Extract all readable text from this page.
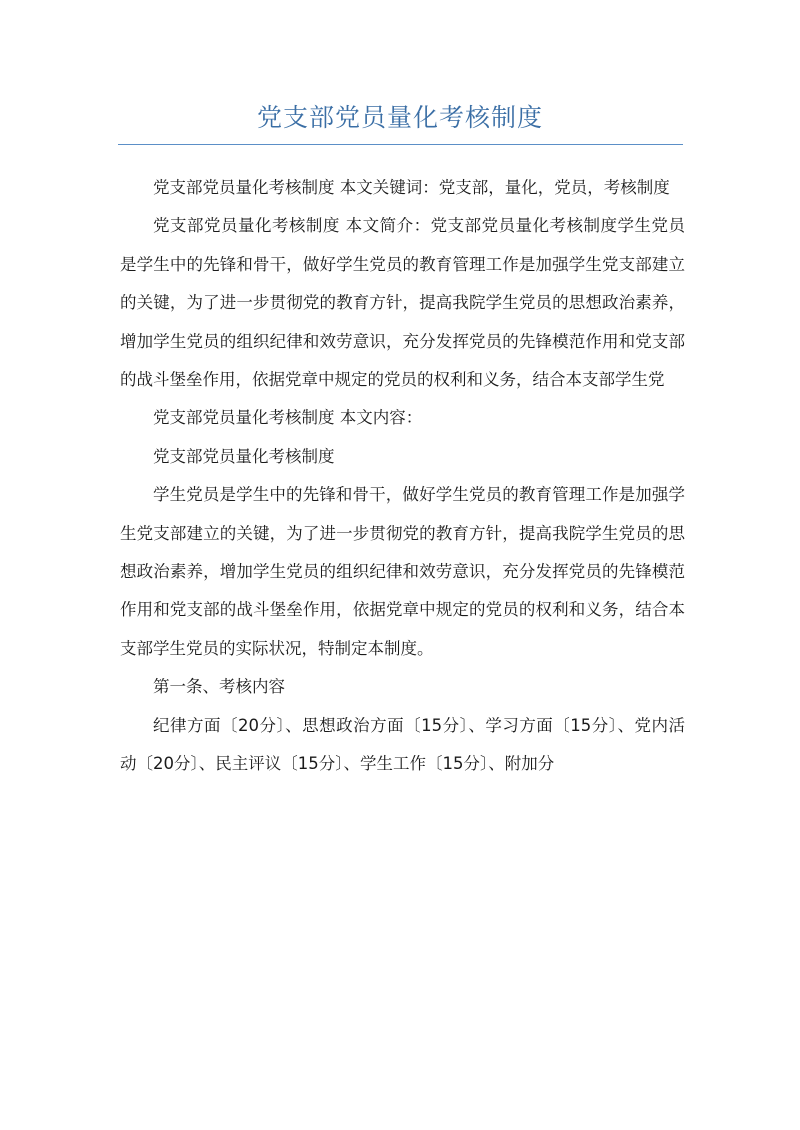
党支部党员量化考核制度

党支部党员量化考核制度 本文关键词：党支部，量化，党员，考核制度

党支部党员量化考核制度 本文简介：党支部党员量化考核制度学生党员是学生中的先锋和骨干，做好学生党员的教育管理工作是加强学生党支部建立的关键，为了进一步贯彻党的教育方针，提高我院学生党员的思想政治素养，增加学生党员的组织纪律和效劳意识，充分发挥党员的先锋模范作用和党支部的战斗堡垒作用，依据党章中规定的党员的权利和义务，结合本支部学生党

党支部党员量化考核制度 本文内容：

党支部党员量化考核制度

学生党员是学生中的先锋和骨干，做好学生党员的教育管理工作是加强学生党支部建立的关键，为了进一步贯彻党的教育方针，提高我院学生党员的思想政治素养，增加学生党员的组织纪律和效劳意识，充分发挥党员的先锋模范作用和党支部的战斗堡垒作用，依据党章中规定的党员的权利和义务，结合本支部学生党员的实际状况，特制定本制度。

第一条、考核内容

纪律方面〔20分〕、思想政治方面〔15分〕、学习方面〔15分〕、党内活动〔20分〕、民主评议〔15分〕、学生工作〔15分〕、附加分
